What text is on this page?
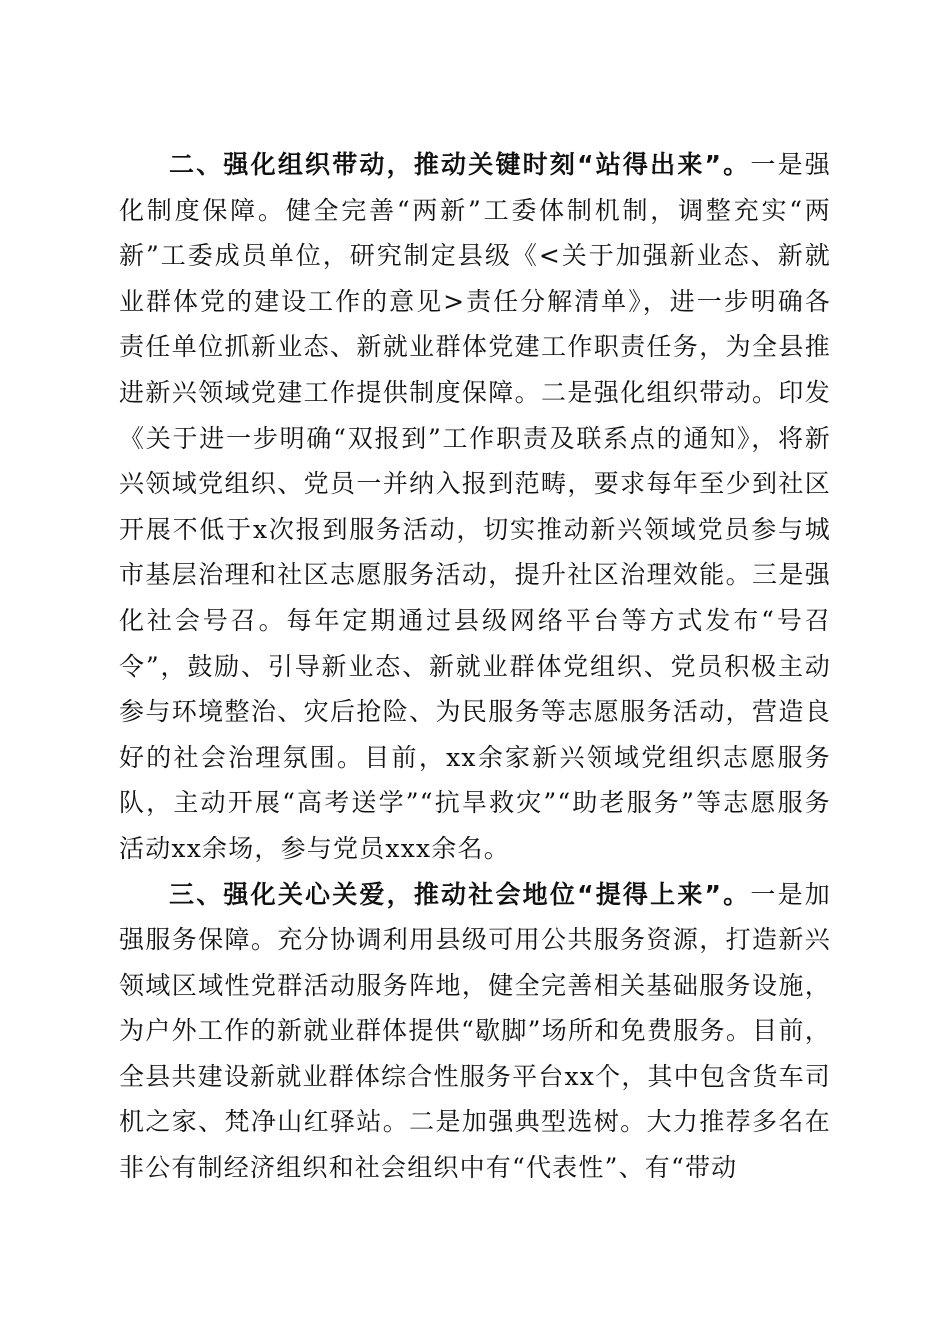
二、强化组织带动，推动关键时刻“站得出来”。一是强化制度保障。健全完善“两新”工委体制机制，调整充实“两新”工委成员单位，研究制定县级《<关于加强新业态、新就业群体党的建设工作的意见>责任分解清单》，进一步明确各责任单位抓新业态、新就业群体党建工作职责任务，为全县推进新兴领域党建工作提供制度保障。二是强化组织带动。印发《关于进一步明确“双报到”工作职责及联系点的通知》，将新兴领域党组织、党员一并纳入报到范畴，要求每年至少到社区开展不低于x次报到服务活动，切实推动新兴领域党员参与城市基层治理和社区志愿服务活动，提升社区治理效能。三是强化社会号召。每年定期通过县级网络平台等方式发布“号召令”，鼓励、引导新业态、新就业群体党组织、党员积极主动参与环境整治、灾后抢险、为民服务等志愿服务活动，营造良好的社会治理氛围。目前，xx余家新兴领域党组织志愿服务队，主动开展“高考送学”“抗旱救灾”“助老服务”等志愿服务活动xx余场，参与党员xxx余名。

三、强化关心关爱，推动社会地位“提得上来”。一是加强服务保障。充分协调利用县级可用公共服务资源，打造新兴领域区域性党群活动服务阵地，健全完善相关基础服务设施，为户外工作的新就业群体提供“歇脚”场所和免费服务。目前，全县共建设新就业群体综合性服务平台xx个，其中包含货车司机之家、梵净山红驿站。二是加强典型选树。大力推荐多名在非公有制经济组织和社会组织中有“代表性”、有“带动
